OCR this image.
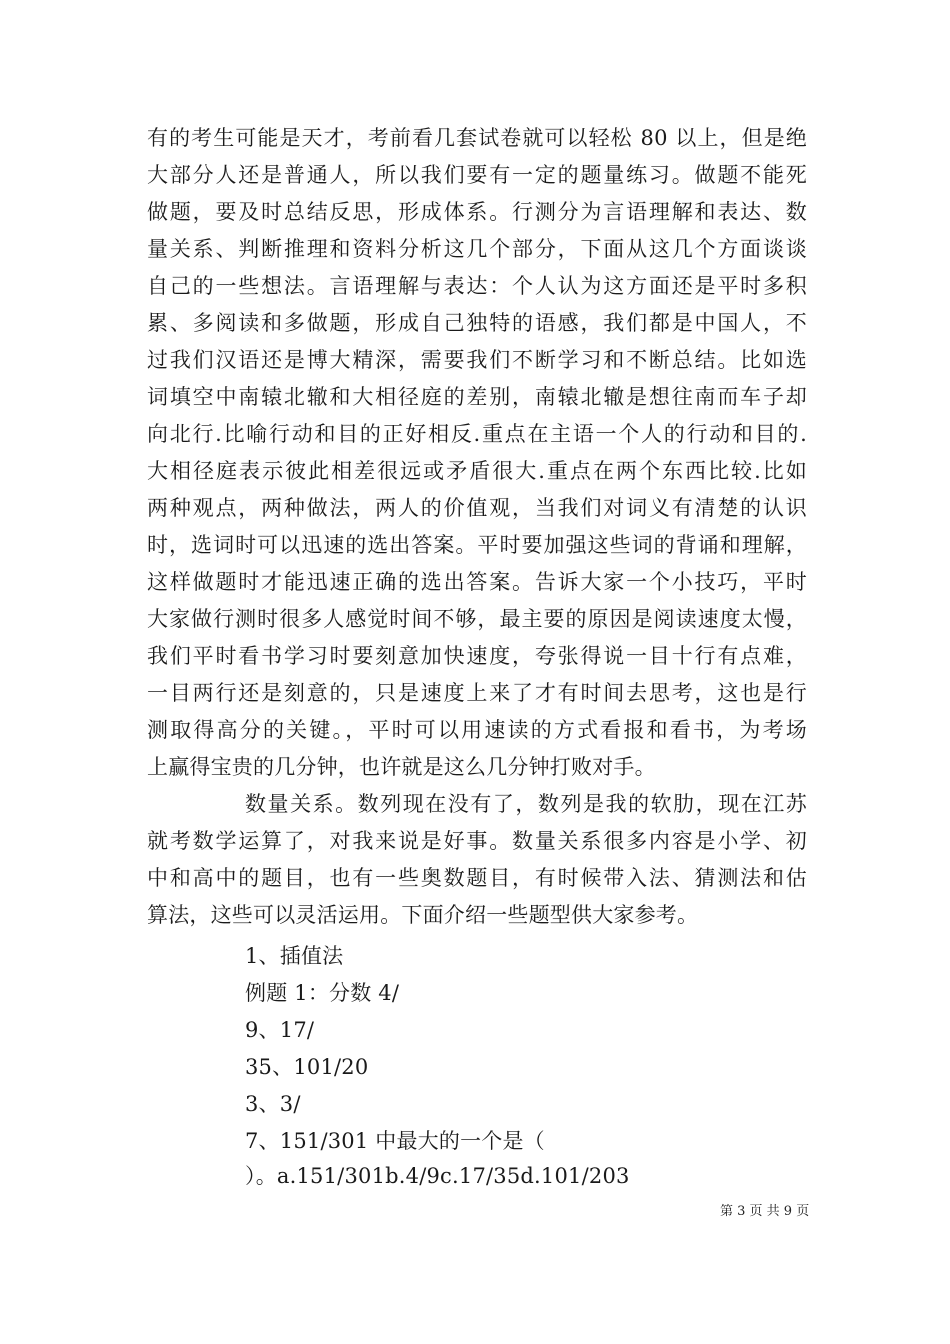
有的考生可能是天才，考前看几套试卷就可以轻松 80 以上，但是绝
大部分人还是普通人，所以我们要有一定的题量练习。做题不能死
做题，要及时总结反思，形成体系。行测分为言语理解和表达、数
量关系、判断推理和资料分析这几个部分，下面从这几个方面谈谈
自己的一些想法。言语理解与表达：个人认为这方面还是平时多积
累、多阅读和多做题，形成自己独特的语感，我们都是中国人，不
过我们汉语还是博大精深，需要我们不断学习和不断总结。比如选
词填空中南辕北辙和大相径庭的差别，南辕北辙是想往南而车子却
向北行.比喻行动和目的正好相反.重点在主语一个人的行动和目的.
大相径庭表示彼此相差很远或矛盾很大.重点在两个东西比较.比如
两种观点，两种做法，两人的价值观，当我们对词义有清楚的认识
时，选词时可以迅速的选出答案。平时要加强这些词的背诵和理解，
这样做题时才能迅速正确的选出答案。告诉大家一个小技巧，平时
大家做行测时很多人感觉时间不够，最主要的原因是阅读速度太慢，
我们平时看书学习时要刻意加快速度，夸张得说一目十行有点难，
一目两行还是刻意的，只是速度上来了才有时间去思考，这也是行
测取得高分的关键。，平时可以用速读的方式看报和看书，为考场
上赢得宝贵的几分钟，也许就是这么几分钟打败对手。
数量关系。数列现在没有了，数列是我的软肋，现在江苏
就考数学运算了，对我来说是好事。数量关系很多内容是小学、初
中和高中的题目，也有一些奥数题目，有时候带入法、猜测法和估
算法，这些可以灵活运用。下面介绍一些题型供大家参考。
1、插值法
例题 1：分数 4/
9、17/
35、101/20
3、3/
7、151/301 中最大的一个是（
）。a.151/301b.4/9c.17/35d.101/203
第 3 页 共 9 页
